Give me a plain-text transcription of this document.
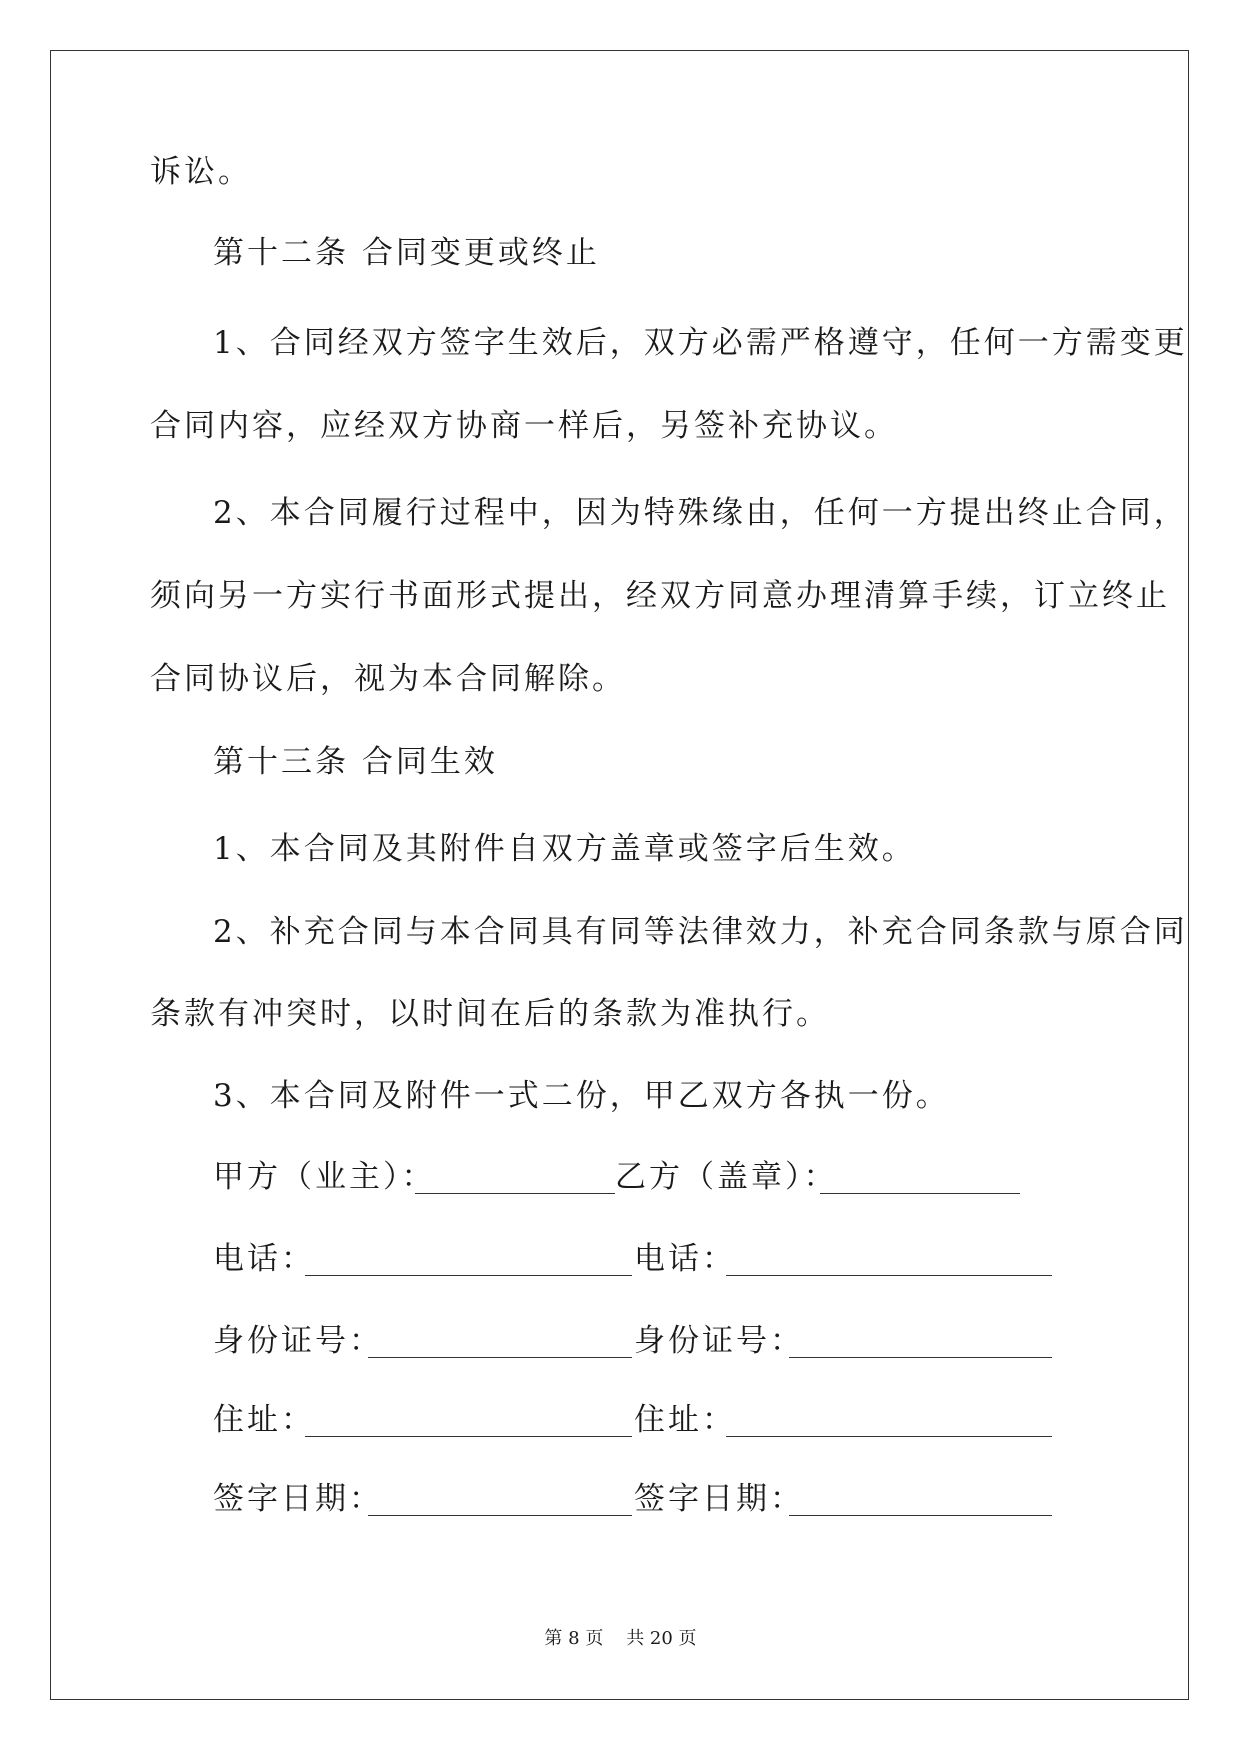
诉讼。
第十二条 合同变更或终止
1、合同经双方签字生效后，双方必需严格遵守，任何一方需变更
合同内容，应经双方协商一样后，另签补充协议。
2、本合同履行过程中，因为特殊缘由，任何一方提出终止合同，
须向另一方实行书面形式提出，经双方同意办理清算手续，订立终止
合同协议后，视为本合同解除。
第十三条 合同生效
1、本合同及其附件自双方盖章或签字后生效。
2、补充合同与本合同具有同等法律效力，补充合同条款与原合同
条款有冲突时，以时间在后的条款为准执行。
3、本合同及附件一式二份，甲乙双方各执一份。
甲方（业主）：	乙方（盖章）：
电话：	电话：
身份证号：	身份证号：
住址：	住址：
签字日期：	签字日期：
第 8 页    共 20 页
